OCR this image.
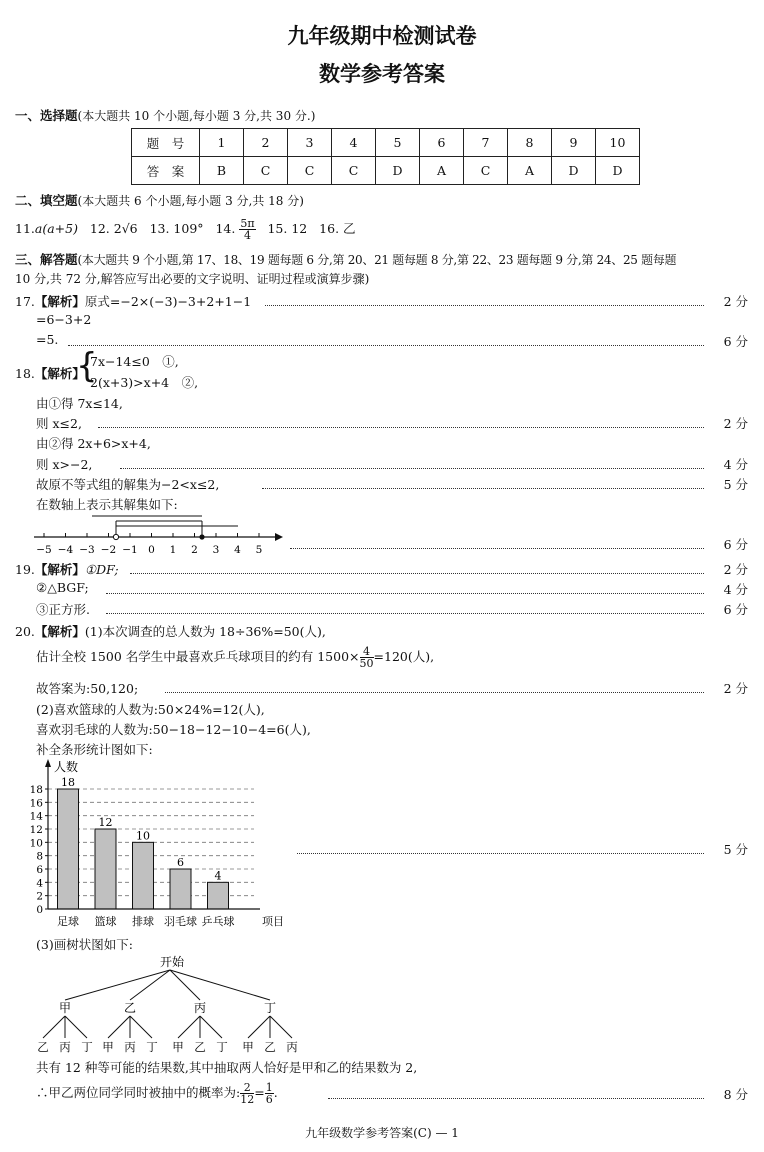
九年级期中检测试卷
数学参考答案
一、选择题(本大题共 10 个小题,每小题 3 分,共 30 分.)
题　号	1	2	3	4	5	6	7	8	9	10
答　案	B	C	C	C	D	A	C	A	D	D
二、填空题(本大题共 6 个小题,每小题 3 分,共 18 分)
11.a(a+5) 12. 2√6 13. 109° 14. $\frac{5\pi}{4} 15$. 12 16. 乙
三、解答题(本大题共 9 个小题,第 17、18、19 题每题 6 分,第 20、21 题每题 8 分,第 22、23 题每题 9 分,第 24、25 题每题
10 分,共 72 分,解答应写出必要的文字说明、证明过程或演算步骤)
17.【解析】原式=−2×(−3)−3+2+1−1	2 分
=6−3+2
=5.	6 分
18.【解析】
{
7x−14≤0　①,
2(x+3)>x+4　②,
由①得 7x≤14,
则 x≤2,	2 分
由②得 2x+6>x+4,
则 x>−2,	4 分
故原不等式组的解集为−2<x≤2,	5 分
在数轴上表示其解集如下:
−5 −4 −3 −2 −1 0 1 2 3 4 5	6 分
19.【解析】①DF;	2 分
②△BGF;	4 分
③正方形.	6 分
20.【解析】(1)本次调查的总人数为 18÷36%=50(人),
估计全校 1500 名学生中最喜欢乒乓球项目的约有 $1500\times \frac{4}{50} =120$(人),
故答案为:50,120;	2 分
(2)喜欢篮球的人数为:50×24%=12(人),
喜欢羽毛球的人数为:50−18−12−10−4=6(人),
补全条形统计图如下:
0
2
4
6
8
10
12
14
16
18
18
12
10
6
4
足球 篮球 排球 羽毛球 乒乓球
人数
项目
5 分
(3)画树状图如下:
开始
甲
乙 丙 丁
乙
甲 丙 丁
丙
甲 乙 丁
丁
甲 乙 丙
共有 12 种等可能的结果数,其中抽取两人恰好是甲和乙的结果数为 2,
∴甲乙两位同学同时被抽中的概率为: $\frac{2}{12} = \frac{1}{6}$ .	8 分
九年级数学参考答案(C) — 1
